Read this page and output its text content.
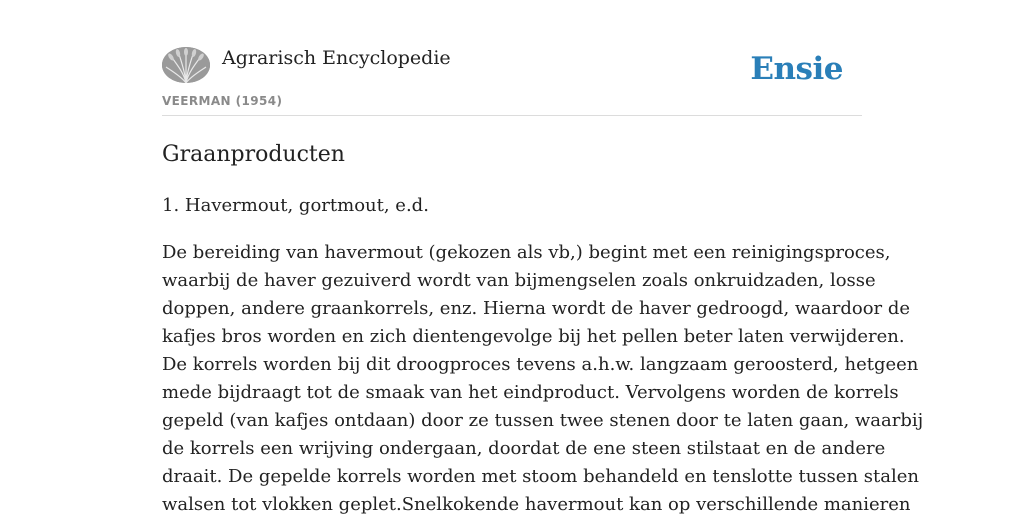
Agrarisch Encyclopedie
VEERMAN (1954)
Ensie
Graanproducten

1. Havermout, gortmout, e.d.

De bereiding van havermout (gekozen als vb,) begint met een reinigingsproces,
waarbij de haver gezuiverd wordt van bijmengselen zoals onkruidzaden, losse
doppen, andere graankorrels, enz. Hierna wordt de haver gedroogd, waardoor de
kafjes bros worden en zich dientengevolge bij het pellen beter laten verwijderen.
De korrels worden bij dit droogproces tevens a.h.w. langzaam geroosterd, hetgeen
mede bijdraagt tot de smaak van het eindproduct. Vervolgens worden de korrels
gepeld (van kafjes ontdaan) door ze tussen twee stenen door te laten gaan, waarbij
de korrels een wrijving ondergaan, doordat de ene steen stilstaat en de andere
draait. De gepelde korrels worden met stoom behandeld en tenslotte tussen stalen
walsen tot vlokken geplet.Snelkokende havermout kan op verschillende manieren
